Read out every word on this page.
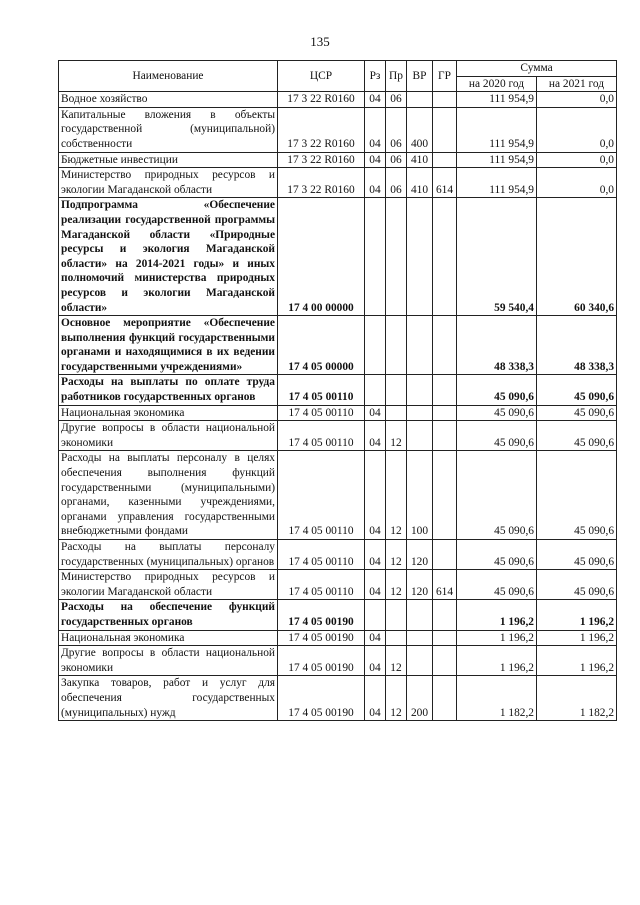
135
Наименование	ЦСР	Рз	Пр	ВР	ГР	Сумма	
						на 2020 год	на 2021 год
Водное хозяйство	17 3 22 R0160	04	06			111 954,9	0,0
Капитальные вложения в объекты государственной (муниципальной) собственности	17 3 22 R0160	04	06	400		111 954,9	0,0
Бюджетные инвестиции	17 3 22 R0160	04	06	410		111 954,9	0,0
Министерство природных ресурсов и экологии Магаданской области	17 3 22 R0160	04	06	410	614	111 954,9	0,0
Подпрограмма «Обеспечение реализации государственной программы Магаданской области «Природные ресурсы и экология Магаданской области» на 2014-2021 годы» и иных полномочий министерства природных ресурсов и экологии Магаданской области»	17 4 00 00000					59 540,4	60 340,6
Основное мероприятие «Обеспечение выполнения функций государственными органами и находящимися в их ведении государственными учреждениями»	17 4 05 00000					48 338,3	48 338,3
Расходы на выплаты по оплате труда работников государственных органов	17 4 05 00110					45 090,6	45 090,6
Национальная экономика	17 4 05 00110	04				45 090,6	45 090,6
Другие вопросы в области национальной экономики	17 4 05 00110	04	12			45 090,6	45 090,6
Расходы на выплаты персоналу в целях обеспечения выполнения функций государственными (муниципальными) органами, казенными учреждениями, органами управления государственными внебюджетными фондами	17 4 05 00110	04	12	100		45 090,6	45 090,6
Расходы на выплаты персоналу государственных (муниципальных) органов	17 4 05 00110	04	12	120		45 090,6	45 090,6
Министерство природных ресурсов и экологии Магаданской области	17 4 05 00110	04	12	120	614	45 090,6	45 090,6
Расходы на обеспечение функций государственных органов	17 4 05 00190					1 196,2	1 196,2
Национальная экономика	17 4 05 00190	04				1 196,2	1 196,2
Другие вопросы в области национальной экономики	17 4 05 00190	04	12			1 196,2	1 196,2
Закупка товаров, работ и услуг для обеспечения государственных (муниципальных) нужд	17 4 05 00190	04	12	200		1 182,2	1 182,2
